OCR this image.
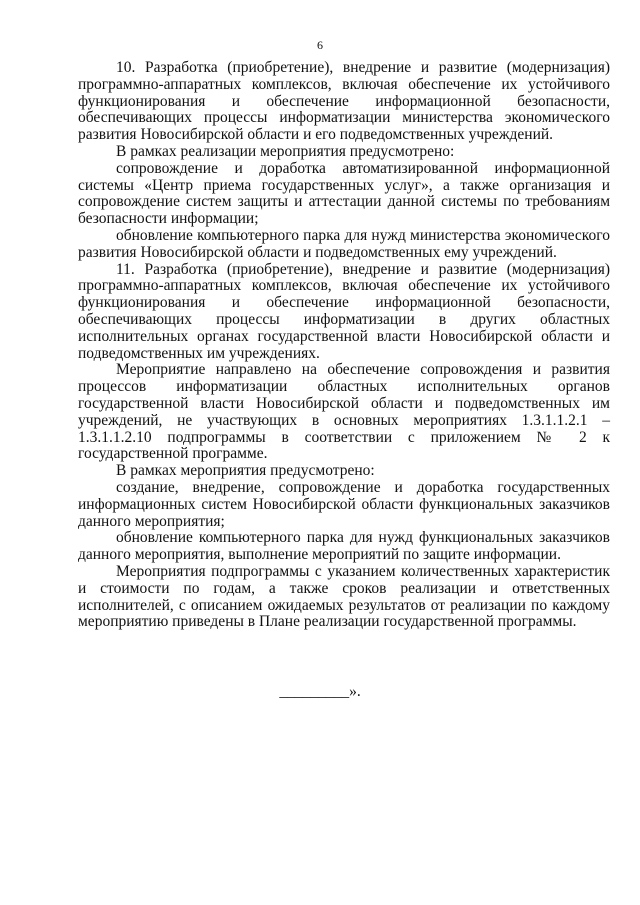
6

10. Разработка (приобретение), внедрение и развитие (модернизация) программно-аппаратных комплексов, включая обеспечение их устойчивого функционирования и обеспечение информационной безопасности, обеспечивающих процессы информатизации министерства экономического развития Новосибирской области и его подведомственных учреждений.

В рамках реализации мероприятия предусмотрено:

сопровождение и доработка автоматизированной информационной системы «Центр приема государственных услуг», а также организация и сопровождение систем защиты и аттестации данной системы по требованиям безопасности информации;

обновление компьютерного парка для нужд министерства экономического развития Новосибирской области и подведомственных ему учреждений.

11. Разработка (приобретение), внедрение и развитие (модернизация) программно-аппаратных комплексов, включая обеспечение их устойчивого функционирования и обеспечение информационной безопасности, обеспечивающих процессы информатизации в других областных исполнительных органах государственной власти Новосибирской области и подведомственных им учреждениях.

Мероприятие направлено на обеспечение сопровождения и развития процессов информатизации областных исполнительных органов государственной власти Новосибирской области и подведомственных им учреждений, не участвующих в основных мероприятиях 1.3.1.1.2.1 – 1.3.1.1.2.10 подпрограммы в соответствии с приложением № 2 к государственной программе.

В рамках мероприятия предусмотрено:

создание, внедрение, сопровождение и доработка государственных информационных систем Новосибирской области функциональных заказчиков данного мероприятия;

обновление компьютерного парка для нужд функциональных заказчиков данного мероприятия, выполнение мероприятий по защите информации.

Мероприятия подпрограммы с указанием количественных характеристик и стоимости по годам, а также сроков реализации и ответственных исполнителей, с описанием ожидаемых результатов от реализации по каждому мероприятию приведены в Плане реализации государственной программы.

_________».
